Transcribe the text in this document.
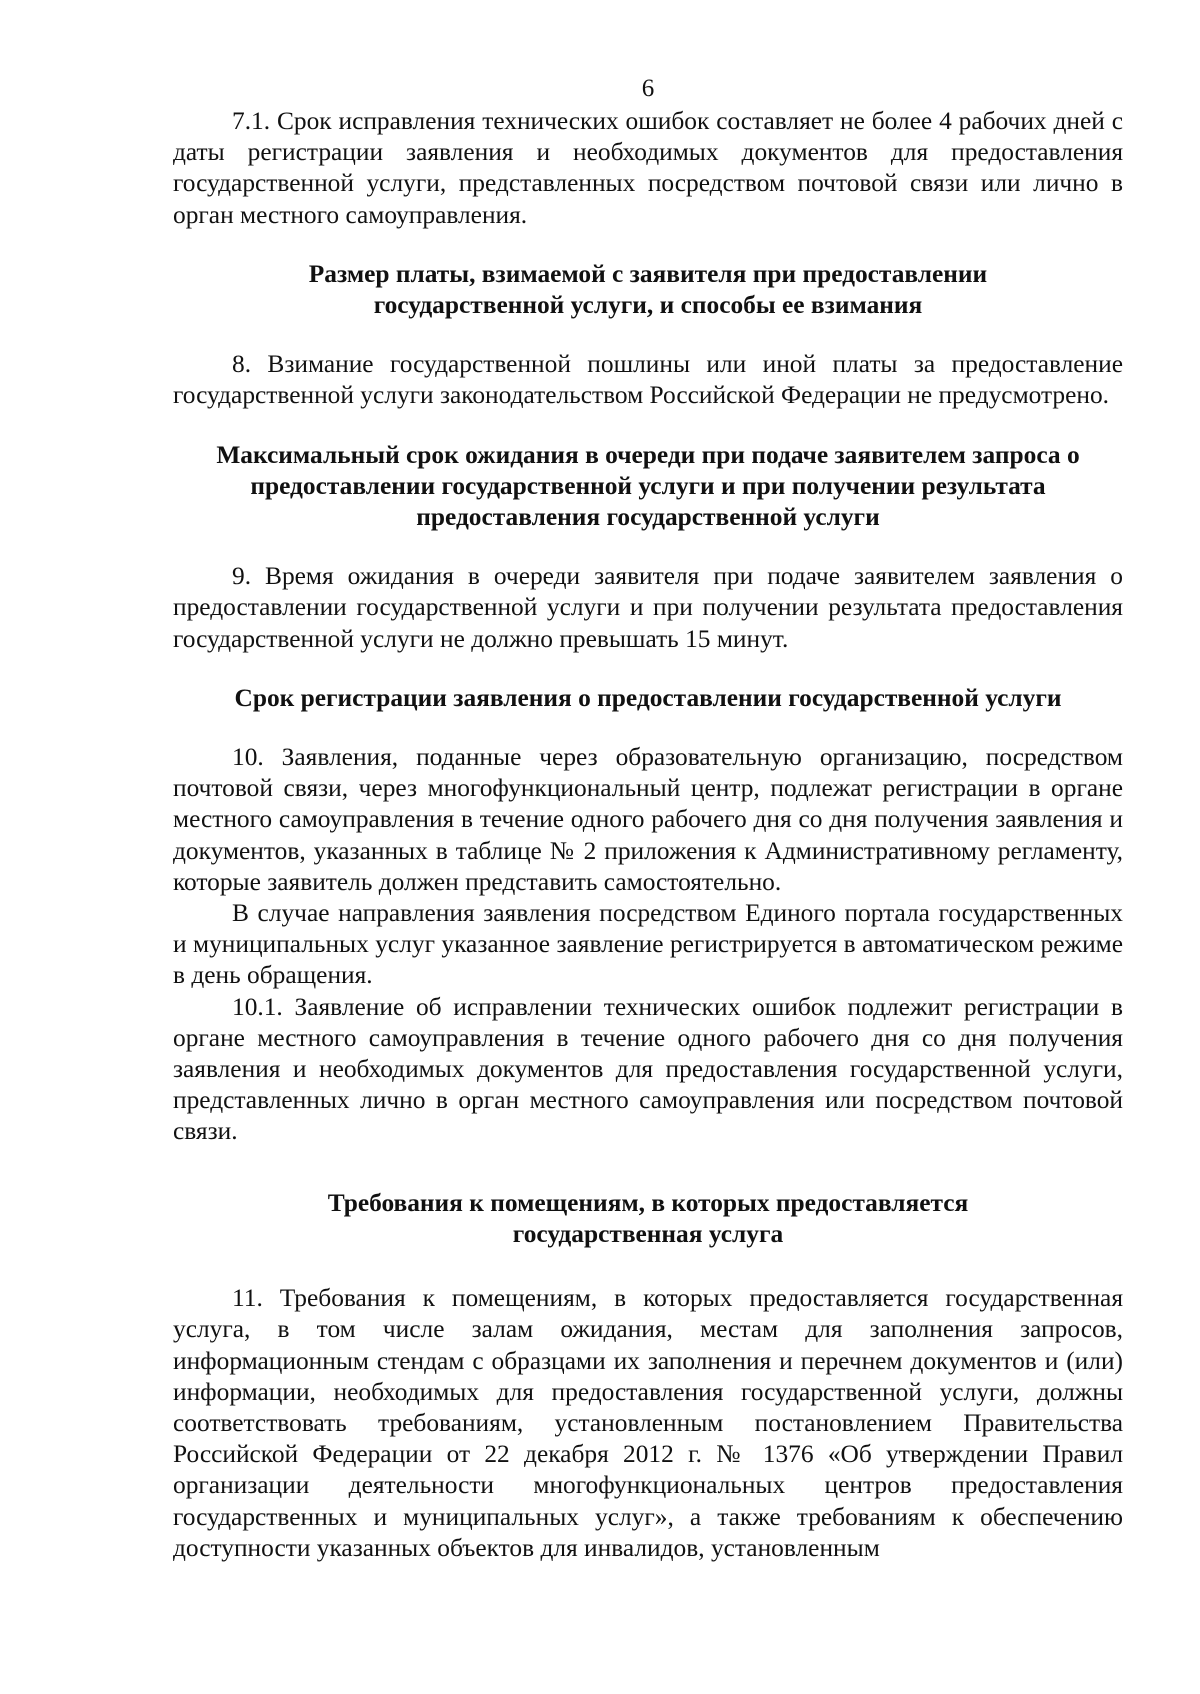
6

7.1. Срок исправления технических ошибок составляет не более 4 рабочих дней с даты регистрации заявления и необходимых документов для предоставления государственной услуги, представленных посредством почтовой связи или лично в орган местного самоуправления.

Размер платы, взимаемой с заявителя при предоставлении
государственной услуги, и способы ее взимания

8. Взимание государственной пошлины или иной платы за предоставление государственной услуги законодательством Российской Федерации не предусмотрено.

Максимальный срок ожидания в очереди при подаче заявителем запроса о
предоставлении государственной услуги и при получении результата
предоставления государственной услуги

9. Время ожидания в очереди заявителя при подаче заявителем заявления о предоставлении государственной услуги и при получении результата предоставления государственной услуги не должно превышать 15 минут.

Срок регистрации заявления о предоставлении государственной услуги

10. Заявления, поданные через образовательную организацию, посредством почтовой связи, через многофункциональный центр, подлежат регистрации в органе местного самоуправления в течение одного рабочего дня со дня получения заявления и документов, указанных в таблице № 2 приложения к Административному регламенту, которые заявитель должен представить самостоятельно.

В случае направления заявления посредством Единого портала государственных и муниципальных услуг указанное заявление регистрируется в автоматическом режиме в день обращения.

10.1. Заявление об исправлении технических ошибок подлежит регистрации в органе местного самоуправления в течение одного рабочего дня со дня получения заявления и необходимых документов для предоставления государственной услуги, представленных лично в орган местного самоуправления или посредством почтовой связи.

Требования к помещениям, в которых предоставляется
государственная услуга

11. Требования к помещениям, в которых предоставляется государственная услуга, в том числе залам ожидания, местам для заполнения запросов, информационным стендам с образцами их заполнения и перечнем документов и (или) информации, необходимых для предоставления государственной услуги, должны соответствовать требованиям, установленным постановлением Правительства Российской Федерации от 22 декабря 2012 г. № 1376 «Об утверждении Правил организации деятельности многофункциональных центров предоставления государственных и муниципальных услуг», а также требованиям к обеспечению доступности указанных объектов для инвалидов, установленным
